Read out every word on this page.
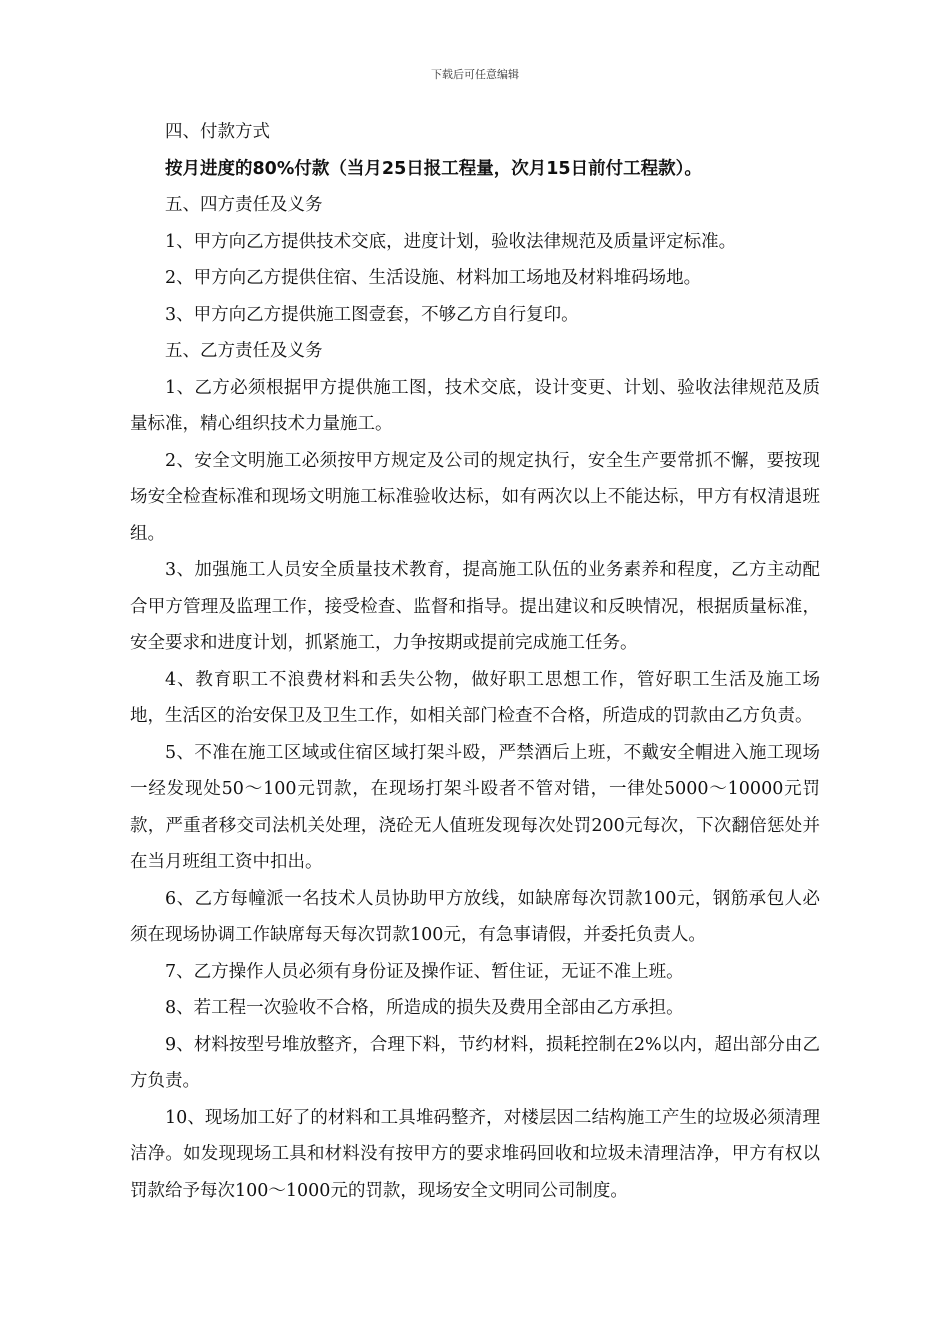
下载后可任意编辑

四、付款方式

按月进度的80%付款（当月25日报工程量，次月15日前付工程款）。

五、四方责任及义务

1、甲方向乙方提供技术交底，进度计划，验收法律规范及质量评定标准。

2、甲方向乙方提供住宿、生活设施、材料加工场地及材料堆码场地。

3、甲方向乙方提供施工图壹套，不够乙方自行复印。

五、乙方责任及义务

1、乙方必须根据甲方提供施工图，技术交底，设计变更、计划、验收法律规范及质量标准，精心组织技术力量施工。

2、安全文明施工必须按甲方规定及公司的规定执行，安全生产要常抓不懈，要按现场安全检查标准和现场文明施工标准验收达标，如有两次以上不能达标，甲方有权清退班组。

3、加强施工人员安全质量技术教育，提高施工队伍的业务素养和程度，乙方主动配合甲方管理及监理工作，接受检查、监督和指导。提出建议和反映情况，根据质量标准，安全要求和进度计划，抓紧施工，力争按期或提前完成施工任务。

4、教育职工不浪费材料和丢失公物，做好职工思想工作，管好职工生活及施工场地，生活区的治安保卫及卫生工作，如相关部门检查不合格，所造成的罚款由乙方负责。

5、不准在施工区域或住宿区域打架斗殴，严禁酒后上班，不戴安全帽进入施工现场一经发现处50～100元罚款，在现场打架斗殴者不管对错，一律处5000～10000元罚款，严重者移交司法机关处理，浇砼无人值班发现每次处罚200元每次，下次翻倍惩处并在当月班组工资中扣出。

6、乙方每幢派一名技术人员协助甲方放线，如缺席每次罚款100元，钢筋承包人必须在现场协调工作缺席每天每次罚款100元，有急事请假，并委托负责人。

7、乙方操作人员必须有身份证及操作证、暂住证，无证不准上班。

8、若工程一次验收不合格，所造成的损失及费用全部由乙方承担。

9、材料按型号堆放整齐，合理下料，节约材料，损耗控制在2%以内，超出部分由乙方负责。

10、现场加工好了的材料和工具堆码整齐，对楼层因二结构施工产生的垃圾必须清理洁净。如发现现场工具和材料没有按甲方的要求堆码回收和垃圾未清理洁净，甲方有权以罚款给予每次100～1000元的罚款，现场安全文明同公司制度。
